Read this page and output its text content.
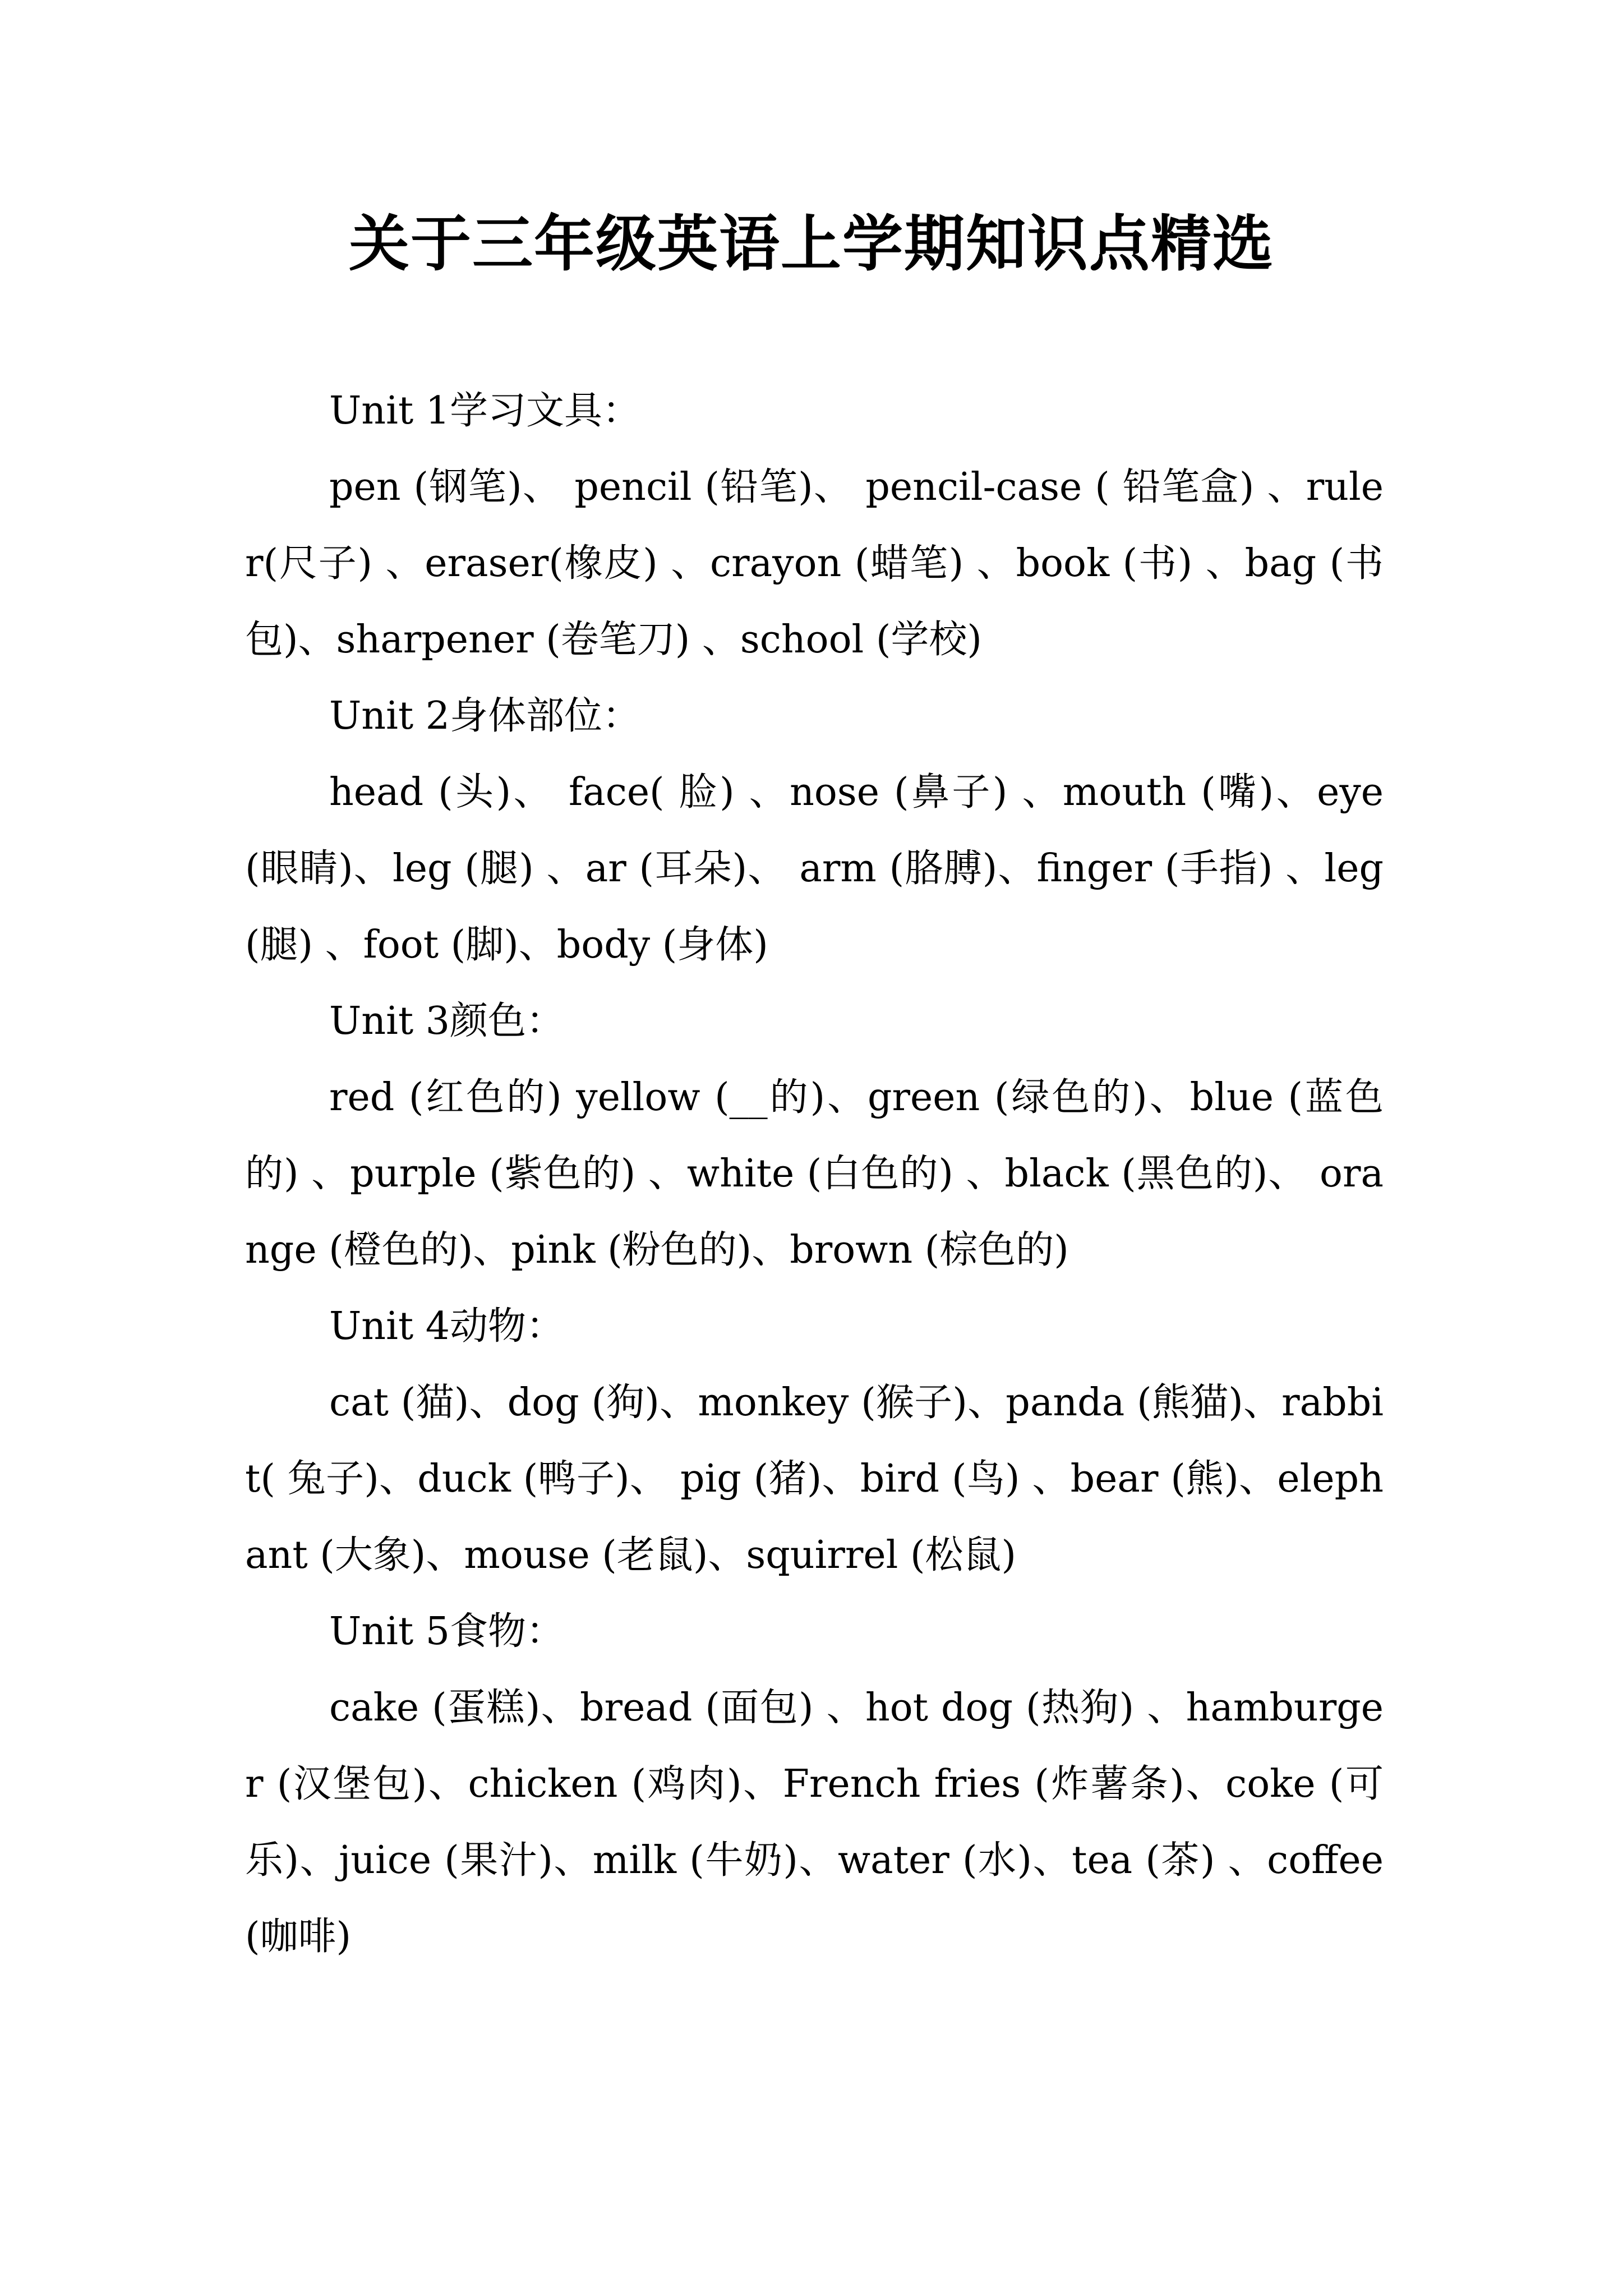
关于三年级英语上学期知识点精选

Unit 1学习文具：

pen (钢笔)、 pencil (铅笔)、 pencil-case ( 铅笔盒) 、ruler(尺子) 、eraser(橡皮) 、crayon (蜡笔) 、book (书) 、bag (书包)、sharpener (卷笔刀) 、school (学校)

Unit 2身体部位：

head (头)、 face( 脸) 、nose (鼻子) 、mouth (嘴)、eye (眼睛)、leg (腿) 、ar (耳朵)、 arm (胳膊)、finger (手指) 、leg (腿) 、foot (脚)、body (身体)

Unit 3颜色：

red (红色的) yellow (__的)、green (绿色的)、blue (蓝色的) 、purple (紫色的) 、white (白色的) 、black (黑色的)、 orange (橙色的)、pink (粉色的)、brown (棕色的)

Unit 4动物：

cat (猫)、dog (狗)、monkey (猴子)、panda (熊猫)、rabbit( 兔子)、duck (鸭子)、 pig (猪)、bird (鸟) 、bear (熊)、elephant (大象)、mouse (老鼠)、squirrel (松鼠)

Unit 5食物：

cake (蛋糕)、bread (面包) 、hot dog (热狗) 、hamburger (汉堡包)、chicken (鸡肉)、French fries (炸薯条)、coke (可乐)、juice (果汁)、milk (牛奶)、water (水)、tea (茶) 、coffee (咖啡)
